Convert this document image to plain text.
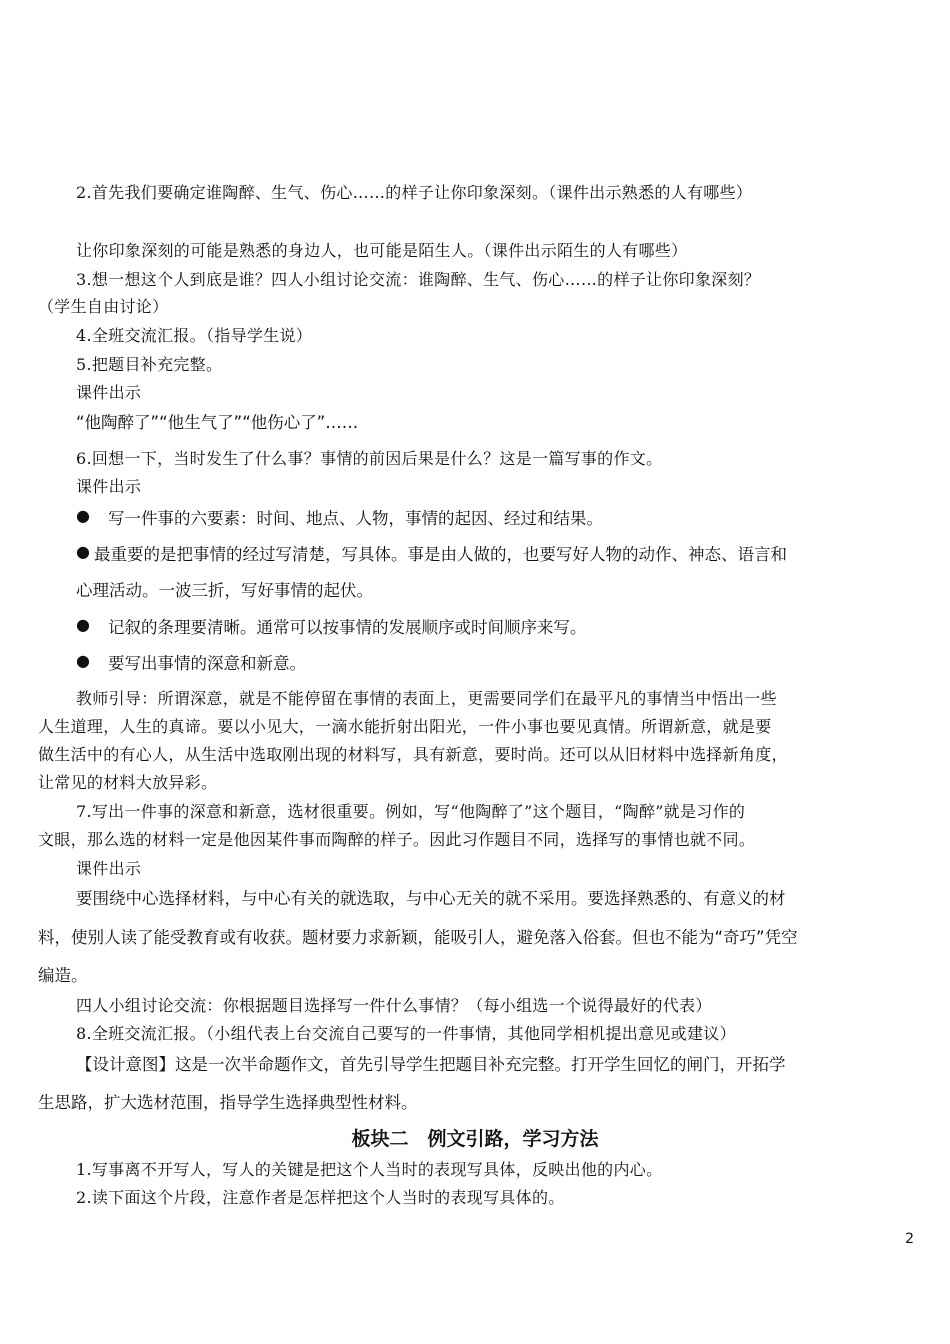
2.首先我们要确定谁陶醉、生气、伤心……的样子让你印象深刻。（课件出示熟悉的人有哪些）
让你印象深刻的可能是熟悉的身边人，也可能是陌生人。（课件出示陌生的人有哪些）
3.想一想这个人到底是谁？四人小组讨论交流：谁陶醉、生气、伤心……的样子让你印象深刻？
（学生自由讨论）
4.全班交流汇报。（指导学生说）
5.把题目补充完整。
课件出示
“他陶醉了”“他生气了”“他伤心了”……
6.回想一下，当时发生了什么事？事情的前因后果是什么？这是一篇写事的作文。
课件出示
● 写一件事的六要素：时间、地点、人物，事情的起因、经过和结果。
● 最重要的是把事情的经过写清楚，写具体。事是由人做的，也要写好人物的动作、神态、语言和
心理活动。一波三折，写好事情的起伏。
● 记叙的条理要清晰。通常可以按事情的发展顺序或时间顺序来写。
● 要写出事情的深意和新意。
教师引导：所谓深意，就是不能停留在事情的表面上，更需要同学们在最平凡的事情当中悟出一些
人生道理，人生的真谛。要以小见大，一滴水能折射出阳光，一件小事也要见真情。所谓新意，就是要
做生活中的有心人，从生活中选取刚出现的材料写，具有新意，要时尚。还可以从旧材料中选择新角度，
让常见的材料大放异彩。
7.写出一件事的深意和新意，选材很重要。例如，写“他陶醉了”这个题目，“陶醉”就是习作的
文眼，那么选的材料一定是他因某件事而陶醉的样子。因此习作题目不同，选择写的事情也就不同。
课件出示
要围绕中心选择材料，与中心有关的就选取，与中心无关的就不采用。要选择熟悉的、有意义的材
料，使别人读了能受教育或有收获。题材要力求新颖，能吸引人，避免落入俗套。但也不能为“奇巧”凭空
编造。
四人小组讨论交流：你根据题目选择写一件什么事情？（每小组选一个说得最好的代表）
8.全班交流汇报。（小组代表上台交流自己要写的一件事情，其他同学相机提出意见或建议）
【设计意图】这是一次半命题作文，首先引导学生把题目补充完整。打开学生回忆的闸门，开拓学
生思路，扩大选材范围，指导学生选择典型性材料。
板块二　例文引路，学习方法
1.写事离不开写人，写人的关键是把这个人当时的表现写具体，反映出他的内心。
2.读下面这个片段，注意作者是怎样把这个人当时的表现写具体的。
2
